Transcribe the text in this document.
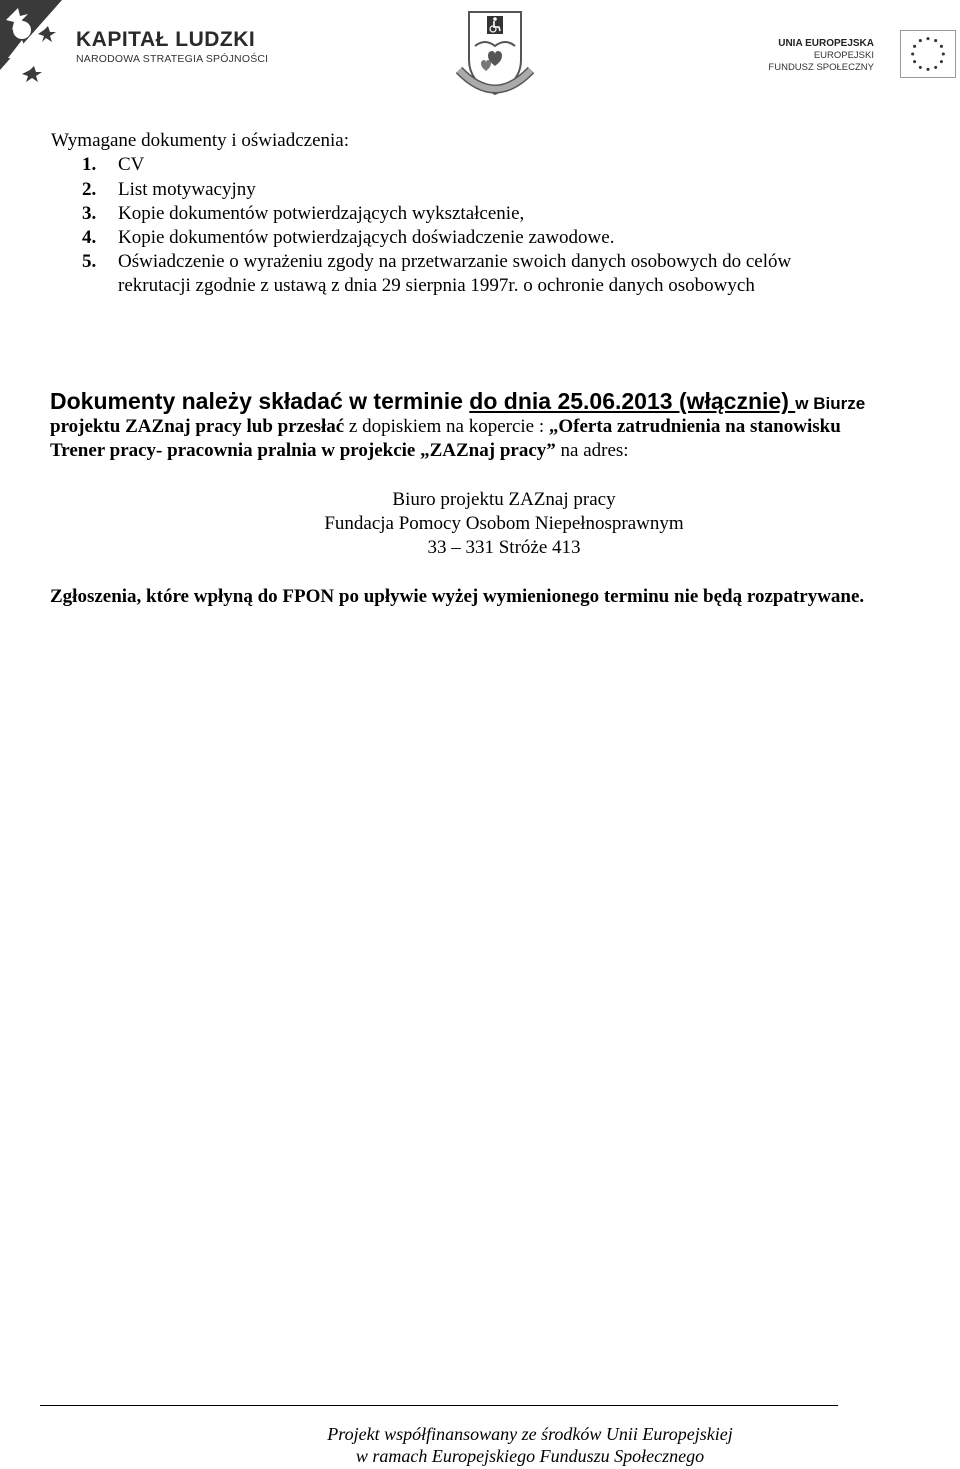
KAPITAŁ LUDZKI
NARODOWA STRATEGIA SPÓJNOŚCI
UNIA EUROPEJSKA
EUROPEJSKI
FUNDUSZ SPOŁECZNY
Wymagane dokumenty i oświadczenia:
1. CV
2. List motywacyjny
3. Kopie dokumentów potwierdzających wykształcenie,
4. Kopie dokumentów potwierdzających doświadczenie zawodowe.
5. Oświadczenie o wyrażeniu zgody na przetwarzanie swoich danych osobowych do celów
rekrutacji zgodnie z ustawą z dnia 29 sierpnia 1997r. o ochronie danych osobowych
Dokumenty należy składać w terminie do dnia 25.06.2013 (włącznie) w Biurze
projektu ZAZnaj pracy lub przesłać z dopiskiem na kopercie : „Oferta zatrudnienia na stanowisku
Trener pracy- pracownia pralnia w projekcie „ZAZnaj pracy” na adres:
Biuro projektu ZAZnaj pracy
Fundacja Pomocy Osobom Niepełnosprawnym
33 – 331 Stróże 413
Zgłoszenia, które wpłyną do FPON po upływie wyżej wymienionego terminu nie będą rozpatrywane.
Projekt współfinansowany ze środków Unii Europejskiej
w ramach Europejskiego Funduszu Społecznego
